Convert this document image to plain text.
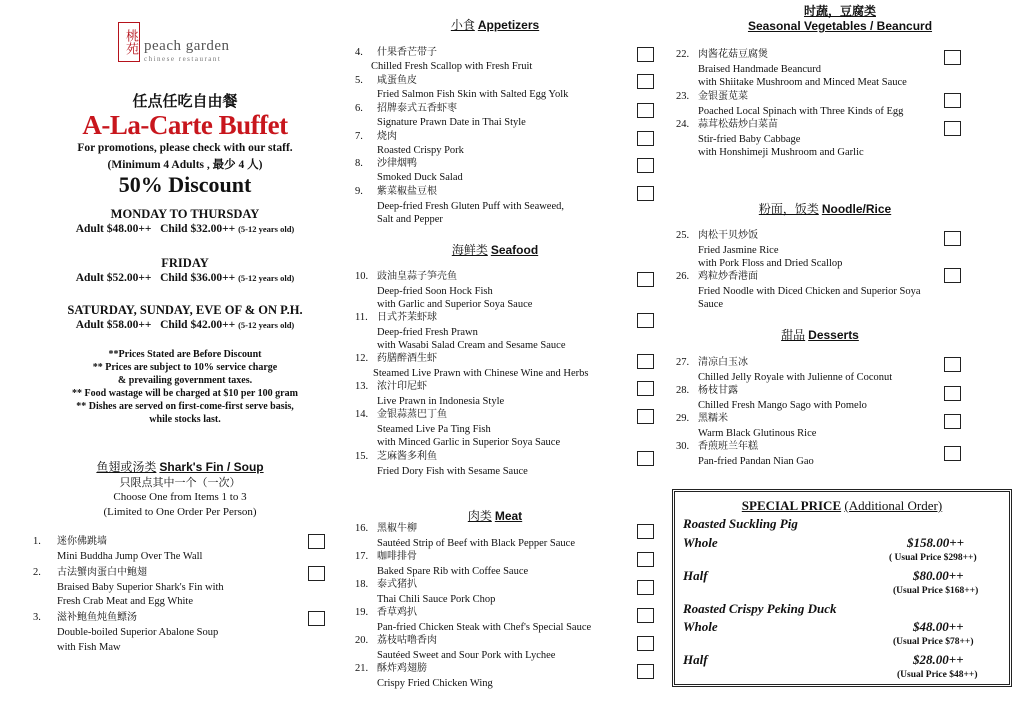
桃苑 peach garden
chinese restaurant
任点任吃自由餐
A-La-Carte Buffet
For promotions, please check with our staff.
(Minimum 4 Adults , 最少 4 人)
50% Discount
MONDAY TO THURSDAY
Adult $48.00++ Child $32.00++ (5-12 years old)
FRIDAY
Adult $52.00++ Child $36.00++ (5-12 years old)
SATURDAY, SUNDAY, EVE OF & ON P.H.
Adult $58.00++ Child $42.00++ (5-12 years old)
**Prices Stated are Before Discount
** Prices are subject to 10% service charge
& prevailing government taxes.
** Food wastage will be charged at $10 per 100 gram
** Dishes are served on first-come-first serve basis,
while stocks last.
鱼翅或汤类 Shark's Fin / Soup
只限点其中一个（一次）
Choose One from Items 1 to 3
(Limited to One Order Per Person)
1. 迷你佛跳墙
Mini Buddha Jump Over The Wall
2. 古法蟹肉蛋白中鲍翅
Braised Baby Superior Shark's Fin with
Fresh Crab Meat and Egg White
3. 滋补鲍鱼炖鱼鳔汤
Double-boiled Superior Abalone Soup
with Fish Maw
小食 Appetizers
4. 什果香芒带子
Chilled Fresh Scallop with Fresh Fruit
5. 咸蛋鱼皮
Fried Salmon Fish Skin with Salted Egg Yolk
6. 招牌泰式五香虾枣
Signature Prawn Date in Thai Style
7. 烧肉
Roasted Crispy Pork
8. 沙律烟鸭
Smoked Duck Salad
9. 紫菜椒盐豆根
Deep-fried Fresh Gluten Puff with Seaweed,
Salt and Pepper
海鲜类 Seafood
10. 豉油皇蒜子笋壳鱼
Deep-fried Soon Hock Fish
with Garlic and Superior Soya Sauce
11. 日式芥茉虾球
Deep-fried Fresh Prawn
with Wasabi Salad Cream and Sesame Sauce
12. 药膳醉酒生虾
Steamed Live Prawn with Chinese Wine and Herbs
13. 浓汁印尼虾
Live Prawn in Indonesia Style
14. 金银蒜蒸巴丁鱼
Steamed Live Pa Ting Fish
with Minced Garlic in Superior Soya Sauce
15. 芝麻酱多利鱼
Fried Dory Fish with Sesame Sauce
肉类 Meat
16. 黑椒牛柳
Sautéed Strip of Beef with Black Pepper Sauce
17. 咖啡排骨
Baked Spare Rib with Coffee Sauce
18. 泰式猪扒
Thai Chili Sauce Pork Chop
19. 香草鸡扒
Pan-fried Chicken Steak with Chef's Special Sauce
20. 荔枝咕噜香肉
Sautéed Sweet and Sour Pork with Lychee
21. 酥炸鸡翅膀
Crispy Fried Chicken Wing
时蔬，豆腐类
Seasonal Vegetables / Beancurd
22. 肉酱花菇豆腐煲
Braised Handmade Beancurd
with Shiitake Mushroom and Minced Meat Sauce
23. 金银蛋苋菜
Poached Local Spinach with Three Kinds of Egg
24. 蒜茸松菇炒白菜苗
Stir-fried Baby Cabbage
with Honshimeji Mushroom and Garlic
粉面，饭类 Noodle/Rice
25. 肉松干贝炒饭
Fried Jasmine Rice
with Pork Floss and Dried Scallop
26. 鸡粒炒香港面
Fried Noodle with Diced Chicken and Superior Soya
Sauce
甜品 Desserts
27. 清凉白玉冰
Chilled Jelly Royale with Julienne of Coconut
28. 杨枝甘露
Chilled Fresh Mango Sago with Pomelo
29. 黑糯米
Warm Black Glutinous Rice
30. 香煎班兰年糕
Pan-fried Pandan Nian Gao
SPECIAL PRICE (Additional Order)
Roasted Suckling Pig
Whole	$158.00++
( Usual Price $298++)
Half	$80.00++
(Usual Price $168++)
Roasted Crispy Peking Duck
Whole	$48.00++
(Usual Price $78++)
Half	$28.00++
(Usual Price $48++)
